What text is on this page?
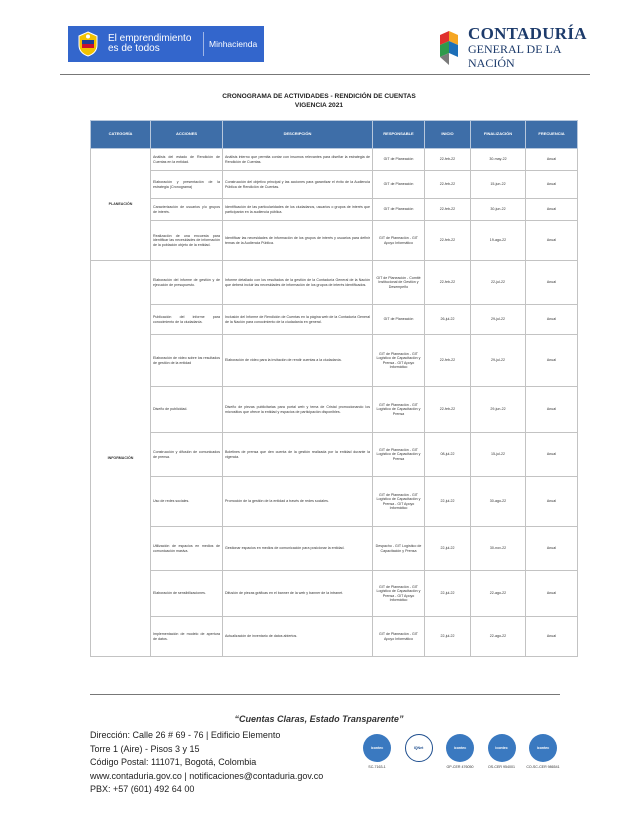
El emprendimiento es de todos	Minhacienda
CONTADURÍA
GENERAL DE LA NACIÓN
CRONOGRAMA DE ACTIVIDADES - RENDICIÓN DE CUENTAS
VIGENCIA 2021
CATEGORÍA	ACCIONES	DESCRIPCIÓN	RESPONSABLE	INICIO	FINALIZACIÓN	FRECUENCIA
PLANEACIÓN	Análisis del estado de Rendición de Cuentas en la entidad.	Análisis interno que permita contar con insumos relevantes para diseñar la estrategia de Rendición de Cuentas.	GIT de Planeación	22-feb-22	30-may-22	Anual
	Elaboración y presentación de la estrategia (Cronograma)	Construcción del objetivo principal y las acciones para garantizar el éxito de la Audiencia Pública de Rendición de Cuentas.	GIT de Planeación	22-feb-22	15-jun-22	Anual
	Caracterización de usuarios y/o grupos de interés.	Identificación de las particularidades de los ciudadanos, usuarios o grupos de interés que participarán en la audiencia pública.	GIT de Planeación	22-feb-22	30-jun-22	Anual
	Realización de una encuesta para identificar las necesidades de información de la población objeto de la entidad.	Identificar las necesidades de información de los grupos de interés y usuarios para definir temas de la Audiencia Pública.	GIT de Planeación - GIT Apoyo Informático	22-feb-22	19-ago-22	Anual
INFORMACIÓN	Elaboración del informe de gestión y de ejecución de presupuesto.	Informe detallado con los resultados de la gestión de la Contaduría General de la Nación que deberá incluir las necesidades de información de los grupos de interés identificados.	GIT de Planeación - Comité Institucional de Gestión y Desempeño	22-feb-22	22-jul-22	Anual
	Publicación del informe para conocimiento de la ciudadanía.	Inclusión del Informe de Rendición de Cuentas en la página web de la Contaduría General de la Nación para conocimiento de la ciudadanía en general.	GIT de Planeación	26-jul-22	29-jul-22	Anual
	Elaboración de video sobre los resultados de gestión de la entidad	Elaboración de video para la invitación de rendir cuentas a la ciudadanía.	GIT de Planeación - GIT Logístico de Capacitación y Prensa - GIT Apoyo Informático	22-feb-22	29-jul-22	Anual
	Diseño de publicidad.	Diseño de piezas publicitarias para portal web y tema de Cristal promocionando los micrositios que ofrece la entidad y espacios de participación disponibles.	GIT de Planeación - GIT Logístico de Capacitación y Prensa	22-feb-22	29-jun-22	Anual
	Construcción y difusión de comunicados de prensa.	Boletines de prensa que den cuenta de la gestión realizada por la entidad durante la vigencia.	GIT de Planeación - GIT Logístico de Capacitación y Prensa	08-jul-22	15-jul-22	Anual
	Uso de redes sociales.	Promoción de la gestión de la entidad a través de redes sociales.	GIT de Planeación - GIT Logístico de Capacitación y Prensa - GIT Apoyo Informático	22-jul-22	30-ago-22	Anual
	Utilización de espacios en medios de comunicación masiva.	Gestionar espacios en medios de comunicación para posicionar la entidad.	Despacho - GIT Logístico de Capacitación y Prensa	22-jul-22	30-nov-22	Anual
	Elaboración de sensibilizaciones.	Difusión de piezas gráficas en el banner de la web y banner de la intranet.	GIT de Planeación - GIT Logístico de Capacitación y Prensa - GIT Apoyo Informático	22-jul-22	22-ago-22	Anual
	Implementación de modelo de apertura de datos.	Actualización de inventario de datos abiertos.	GIT de Planeación - GIT Apoyo Informático	22-jul-22	22-ago-22	Anual
“Cuentas Claras, Estado Transparente”
Dirección: Calle 26 # 69 - 76 | Edificio Elemento
Torre 1 (Aire) - Pisos 3 y 15
Código Postal: 111071, Bogotá, Colombia
www.contaduria.gov.co | notificaciones@contaduria.gov.co
PBX: +57 (601) 492 64 00
icontec
SC-7163-1
IQNet	icontec
GP-CER 476050
icontec
OS-CER 954001
icontec
CO-SC-CER 986541
